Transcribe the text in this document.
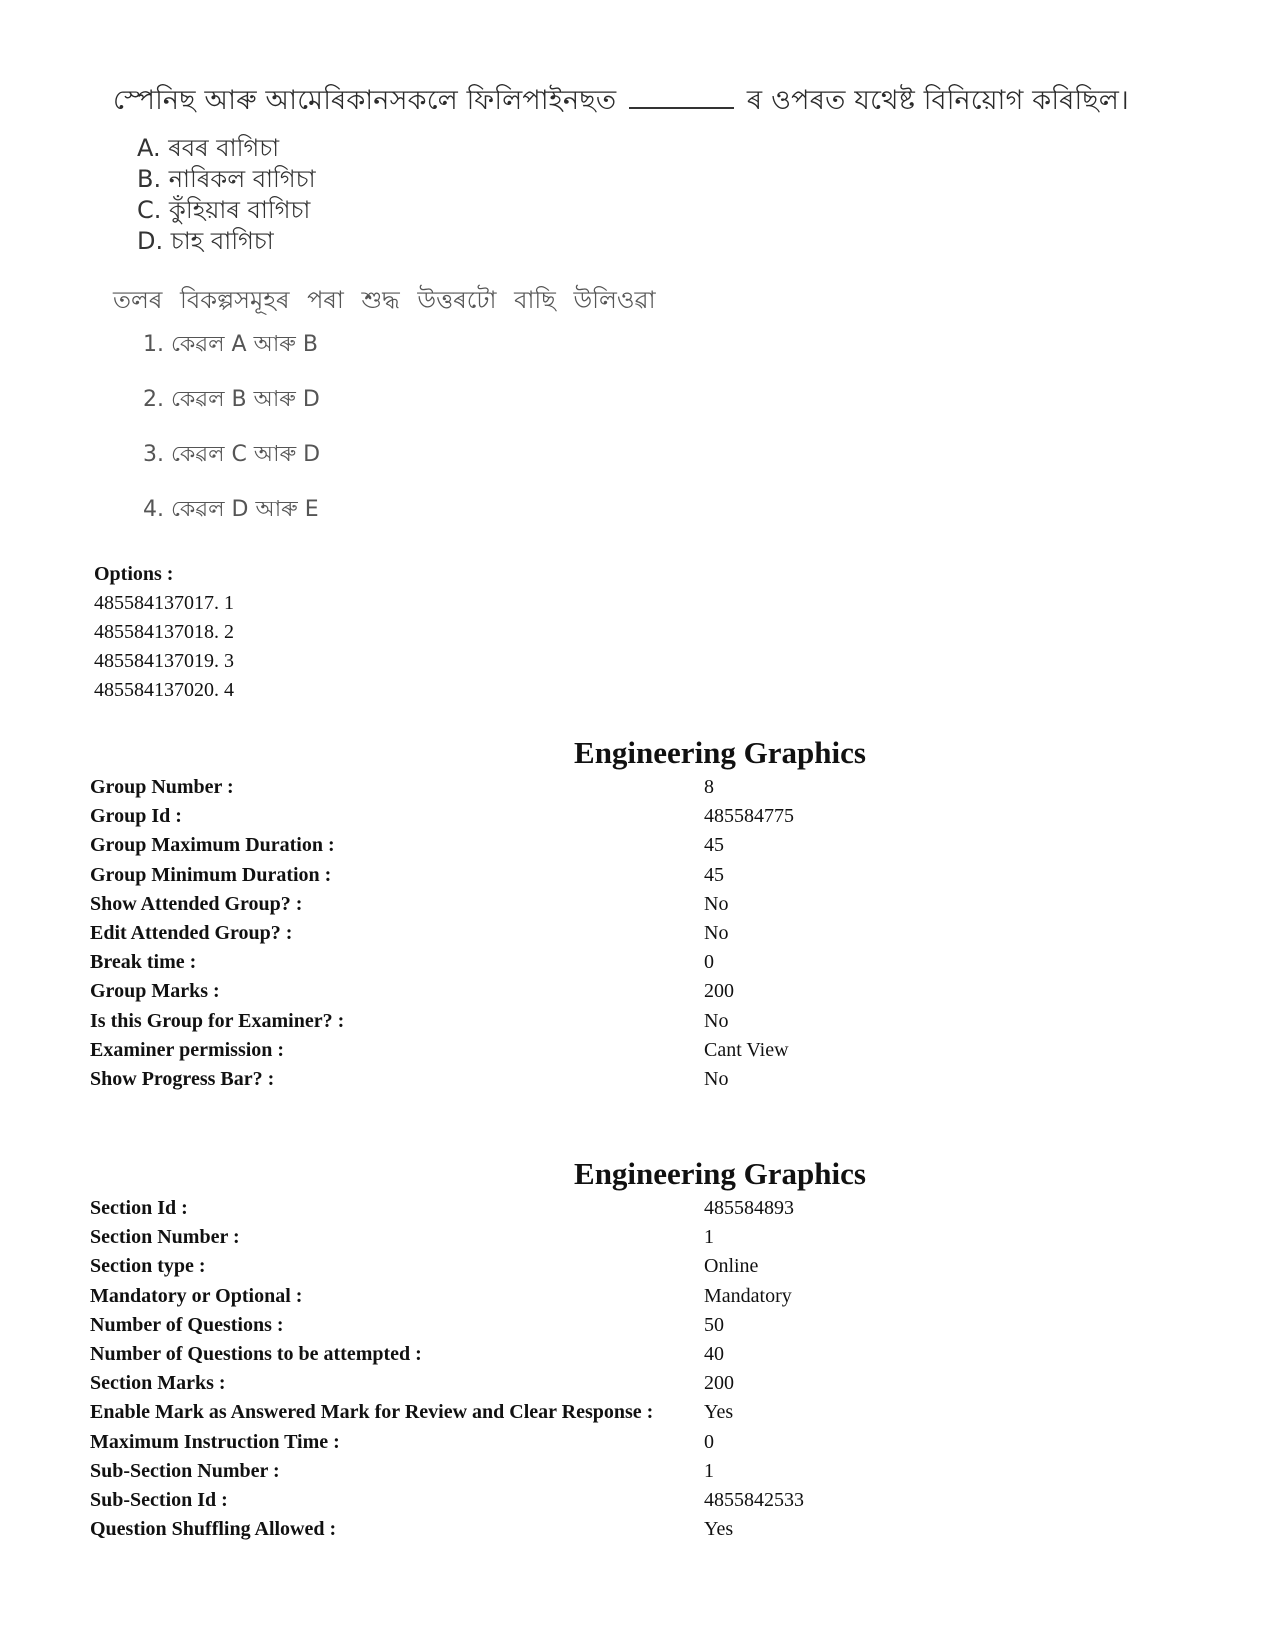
স্পেনিছ আৰু আমেৰিকানসকলে ফিলিপাইনছত	ৰ ওপৰত যথেষ্ট বিনিয়োগ কৰিছিল।
A. ৰবৰ বাগিচা
B. নাৰিকল বাগিচা
C. কুঁহিয়াৰ বাগিচা
D. চাহ বাগিচা
তলৰ বিকল্পসমূহৰ পৰা শুদ্ধ উত্তৰটো বাছি উলিওৱা
1. কেৱল A আৰু B
2. কেৱল B আৰু D
3. কেৱল C আৰু D
4. কেৱল D আৰু E
Options :
485584137017. 1
485584137018. 2
485584137019. 3
485584137020. 4
Engineering Graphics
Group Number :	8
Group Id :	485584775
Group Maximum Duration :	45
Group Minimum Duration :	45
Show Attended Group? :	No
Edit Attended Group? :	No
Break time :	0
Group Marks :	200
Is this Group for Examiner? :	No
Examiner permission :	Cant View
Show Progress Bar? :	No
Engineering Graphics
Section Id :	485584893
Section Number :	1
Section type :	Online
Mandatory or Optional :	Mandatory
Number of Questions :	50
Number of Questions to be attempted :	40
Section Marks :	200
Enable Mark as Answered Mark for Review and Clear Response :	Yes
Maximum Instruction Time :	0
Sub-Section Number :	1
Sub-Section Id :	4855842533
Question Shuffling Allowed :	Yes
